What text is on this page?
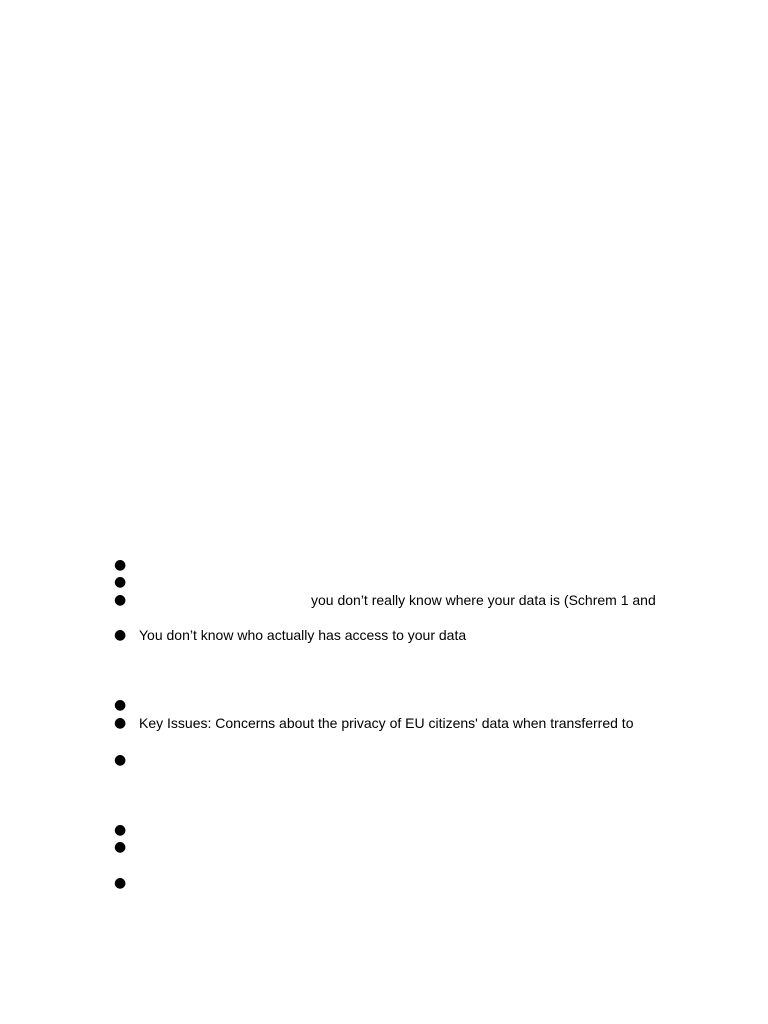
●
●
●	you don’t really know where your data is (Schrem 1 and
● You don’t know who actually has access to your data
●
● Key Issues: Concerns about the privacy of EU citizens' data when transferred to
●
●
●
●
